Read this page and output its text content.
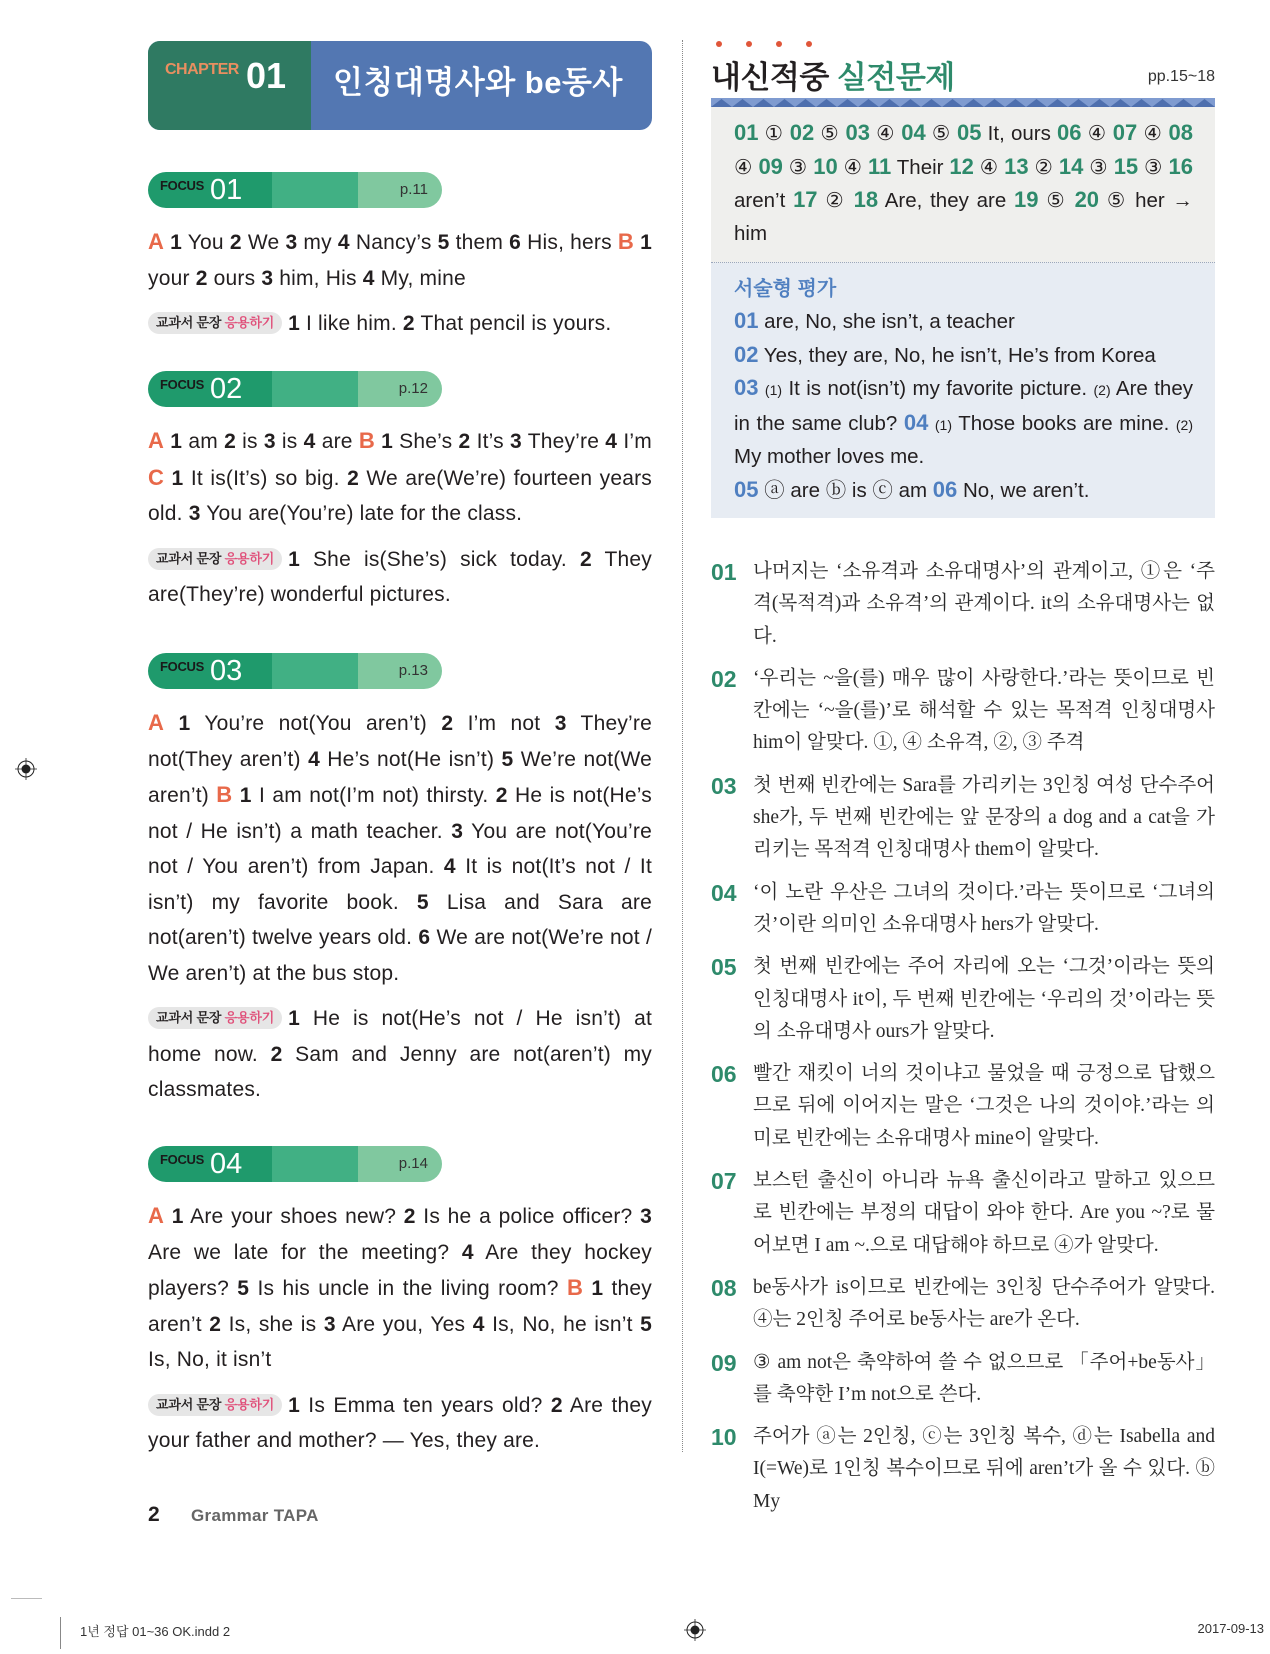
CHAPTER 01	인칭대명사와 be동사
FOCUS 01	p.11
A 1 You 2 We 3 my 4 Nancy’s 5 them 6 His, hers B 1 your 2 ours 3 him, His 4 My, mine
교과서 문장 응용하기 1 I like him. 2 That pencil is yours.
FOCUS 02	p.12
A 1 am 2 is 3 is 4 are B 1 She’s 2 It’s 3 They’re 4 I’m C 1 It is(It’s) so big. 2 We are(We’re) fourteen years old. 3 You are(You’re) late for the class.
교과서 문장 응용하기 1 She is(She’s) sick today. 2 They are(They’re) wonderful pictures.
FOCUS 03	p.13
A 1 You’re not(You aren’t) 2 I’m not 3 They’re not(They aren’t) 4 He’s not(He isn’t) 5 We’re not(We aren’t) B 1 I am not(I’m not) thirsty. 2 He is not(He’s not / He isn’t) a math teacher. 3 You are not(You’re not / You aren’t) from Japan. 4 It is not(It’s not / It isn’t) my favorite book. 5 Lisa and Sara are not(aren’t) twelve years old. 6 We are not(We’re not / We aren’t) at the bus stop.
교과서 문장 응용하기 1 He is not(He’s not / He isn’t) at home now. 2 Sam and Jenny are not(aren’t) my classmates.
FOCUS 04	p.14
A 1 Are your shoes new? 2 Is he a police officer? 3 Are we late for the meeting? 4 Are they hockey players? 5 Is his uncle in the living room? B 1 they aren’t 2 Is, she is 3 Are you, Yes 4 Is, No, he isn’t 5 Is, No, it isn’t
교과서 문장 응용하기 1 Is Emma ten years old? 2 Are they your father and mother? — Yes, they are.
내신적중 실전문제	pp.15~18
01 ① 02 ⑤ 03 ④ 04 ⑤ 05 It, ours 06 ④ 07 ④ 08 ④ 09 ③ 10 ④ 11 Their 12 ④ 13 ② 14 ③ 15 ③ 16 aren’t 17 ② 18 Are, they are 19 ⑤ 20 ⑤ her → him
서술형 평가
01 are, No, she isn’t, a teacher
02 Yes, they are, No, he isn’t, He’s from Korea
03 (1) It is not(isn’t) my favorite picture. (2) Are they in the same club? 04 (1) Those books are mine. (2) My mother loves me.
05 ⓐ are ⓑ is ⓒ am 06 No, we aren’t.
01 나머지는 ‘소유격과 소유대명사’의 관계이고, ①은 ‘주격(목적격)과 소유격’의 관계이다. it의 소유대명사는 없다.
02 ‘우리는 ~을(를) 매우 많이 사랑한다.’라는 뜻이므로 빈칸에는 ‘~을(를)’로 해석할 수 있는 목적격 인칭대명사 him이 알맞다. ①, ④ 소유격, ②, ③ 주격
03 첫 번째 빈칸에는 Sara를 가리키는 3인칭 여성 단수주어 she가, 두 번째 빈칸에는 앞 문장의 a dog and a cat을 가리키는 목적격 인칭대명사 them이 알맞다.
04 ‘이 노란 우산은 그녀의 것이다.’라는 뜻이므로 ‘그녀의 것’이란 의미인 소유대명사 hers가 알맞다.
05 첫 번째 빈칸에는 주어 자리에 오는 ‘그것’이라는 뜻의 인칭대명사 it이, 두 번째 빈칸에는 ‘우리의 것’이라는 뜻의 소유대명사 ours가 알맞다.
06 빨간 재킷이 너의 것이냐고 물었을 때 긍정으로 답했으므로 뒤에 이어지는 말은 ‘그것은 나의 것이야.’라는 의미로 빈칸에는 소유대명사 mine이 알맞다.
07 보스턴 출신이 아니라 뉴욕 출신이라고 말하고 있으므로 빈칸에는 부정의 대답이 와야 한다. Are you ~?로 물어보면 I am ~.으로 대답해야 하므로 ④가 알맞다.
08 be동사가 is이므로 빈칸에는 3인칭 단수주어가 알맞다. ④는 2인칭 주어로 be동사는 are가 온다.
09 ③ am not은 축약하여 쓸 수 없으므로 「주어+be동사」를 축약한 I’m not으로 쓴다.
10 주어가 ⓐ는 2인칭, ⓒ는 3인칭 복수, ⓓ는 Isabella and I(=We)로 1인칭 복수이므로 뒤에 aren’t가 올 수 있다. ⓑ My
2 Grammar TAPA
1년 정답 01~36 OK.indd 2	2017-09-13
